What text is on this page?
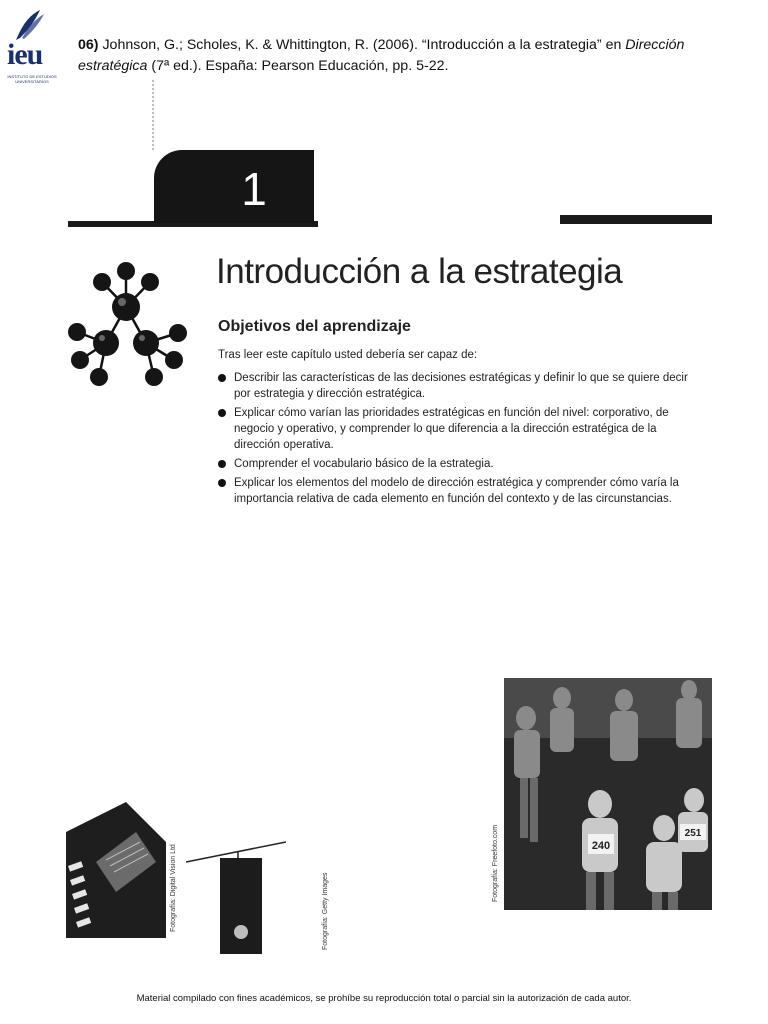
ieu
INSTITUTO DE ESTUDIOS UNIVERSITARIOS
06) Johnson, G.; Scholes, K. & Whittington, R. (2006). “Introducción a la estrategia” en Dirección estratégica (7ª ed.). España: Pearson Educación, pp. 5-22.
1
Introducción a la estrategia
Objetivos del aprendizaje
Tras leer este capítulo usted debería ser capaz de:
Describir las características de las decisiones estratégicas y definir lo que se quiere decir por estrategia y dirección estratégica.
Explicar cómo varían las prioridades estratégicas en función del nivel: corporativo, de negocio y operativo, y comprender lo que diferencia a la dirección estratégica de la dirección operativa.
Comprender el vocabulario básico de la estrategia.
Explicar los elementos del modelo de dirección estratégica y comprender cómo varía la importancia relativa de cada elemento en función del contexto y de las circunstancias.
240
251
Fotografía: Freefoto.com
Fotografía: Digital Vision Ltd	Fotografía: Getty Images
Material compilado con fines académicos, se prohíbe su reproducción total o parcial sin la autorización de cada autor.
